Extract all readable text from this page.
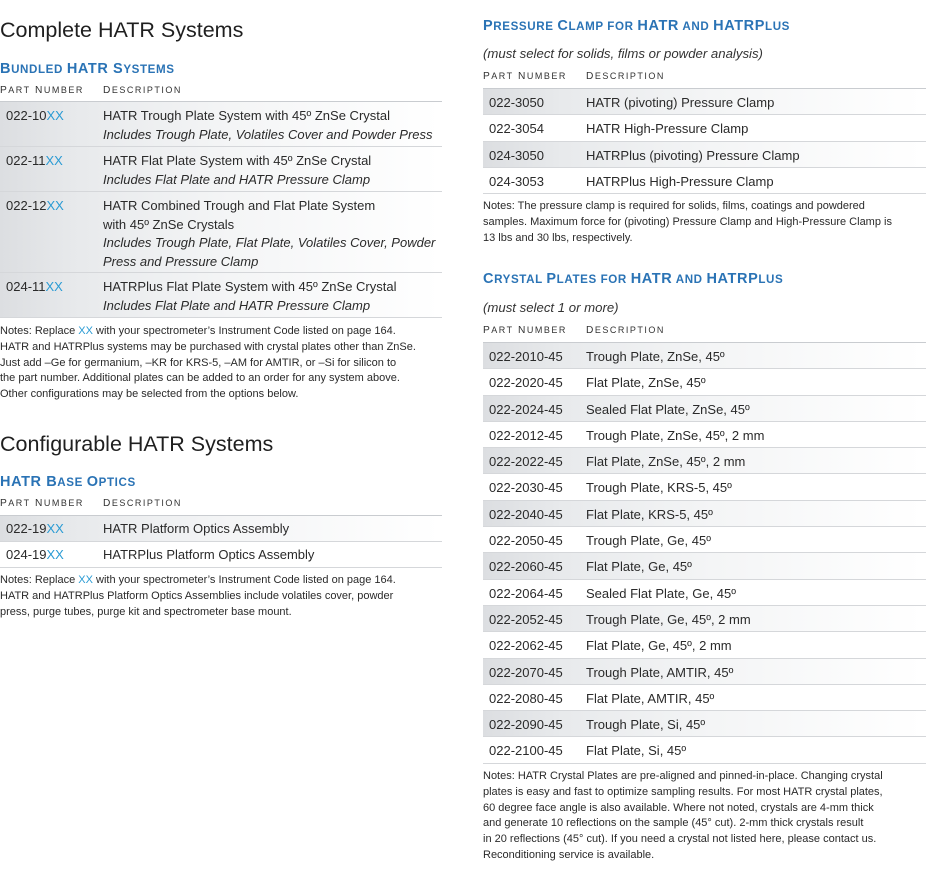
Complete HATR Systems
BUNDLED HATR SYSTEMS
PART NUMBER DESCRIPTION
022-10XX	HATR Trough Plate System with 45º ZnSe Crystal
Includes Trough Plate, Volatiles Cover and Powder Press
022-11XX	HATR Flat Plate System with 45º ZnSe Crystal
Includes Flat Plate and HATR Pressure Clamp
022-12XX	HATR Combined Trough and Flat Plate System
with 45º ZnSe Crystals
Includes Trough Plate, Flat Plate, Volatiles Cover, Powder
Press and Pressure Clamp
024-11XX	HATRPlus Flat Plate System with 45º ZnSe Crystal
Includes Flat Plate and HATR Pressure Clamp
Notes: Replace XX with your spectrometer’s Instrument Code listed on page 164.
HATR and HATRPlus systems may be purchased with crystal plates other than ZnSe.
Just add –Ge for germanium, –KR for KRS-5, –AM for AMTIR, or –Si for silicon to
the part number. Additional plates can be added to an order for any system above.
Other configurations may be selected from the options below.
Configurable HATR Systems
HATR BASE OPTICS
PART NUMBER DESCRIPTION
022-19XX	HATR Platform Optics Assembly
024-19XX	HATRPlus Platform Optics Assembly
Notes: Replace XX with your spectrometer’s Instrument Code listed on page 164.
HATR and HATRPlus Platform Optics Assemblies include volatiles cover, powder
press, purge tubes, purge kit and spectrometer base mount.
PRESSURE CLAMP FOR HATR AND HATRPLUS
(must select for solids, films or powder analysis)
PART NUMBER DESCRIPTION
022-3050	HATR (pivoting) Pressure Clamp
022-3054	HATR High-Pressure Clamp
024-3050	HATRPlus (pivoting) Pressure Clamp
024-3053	HATRPlus High-Pressure Clamp
Notes: The pressure clamp is required for solids, films, coatings and powdered
samples. Maximum force for (pivoting) Pressure Clamp and High-Pressure Clamp is
13 lbs and 30 lbs, respectively.
CRYSTAL PLATES FOR HATR AND HATRPLUS
(must select 1 or more)
PART NUMBER DESCRIPTION
022-2010-45 Trough Plate, ZnSe, 45º
022-2020-45 Flat Plate, ZnSe, 45º
022-2024-45 Sealed Flat Plate, ZnSe, 45º
022-2012-45 Trough Plate, ZnSe, 45º, 2 mm
022-2022-45 Flat Plate, ZnSe, 45º, 2 mm
022-2030-45 Trough Plate, KRS-5, 45º
022-2040-45 Flat Plate, KRS-5, 45º
022-2050-45 Trough Plate, Ge, 45º
022-2060-45 Flat Plate, Ge, 45º
022-2064-45 Sealed Flat Plate, Ge, 45º
022-2052-45 Trough Plate, Ge, 45º, 2 mm
022-2062-45 Flat Plate, Ge, 45º, 2 mm
022-2070-45 Trough Plate, AMTIR, 45º
022-2080-45 Flat Plate, AMTIR, 45º
022-2090-45 Trough Plate, Si, 45º
022-2100-45 Flat Plate, Si, 45º
Notes: HATR Crystal Plates are pre-aligned and pinned-in-place. Changing crystal
plates is easy and fast to optimize sampling results. For most HATR crystal plates,
60 degree face angle is also available. Where not noted, crystals are 4-mm thick
and generate 10 reflections on the sample (45° cut). 2-mm thick crystals result
in 20 reflections (45° cut). If you need a crystal not listed here, please contact us.
Reconditioning service is available.
